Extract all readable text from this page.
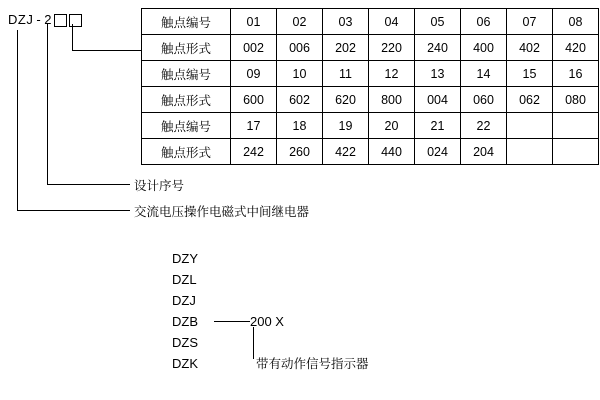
DZJ - 2	触点编号	01	02	03	04	05	06	07	08
触点形式	002	006	202	220	240	400	402	420
触点编号	09	10	11	12	13	14	15	16
触点形式	600	602	620	800	004	060	062	080
触点编号	17	18	19	20	21	22		
触点形式	242	260	422	440	024	204		
设计序号
交流电压操作电磁式中间继电器
DZY
DZL
DZJ
DZB
DZS
DZK
200 X
带有动作信号指示器
